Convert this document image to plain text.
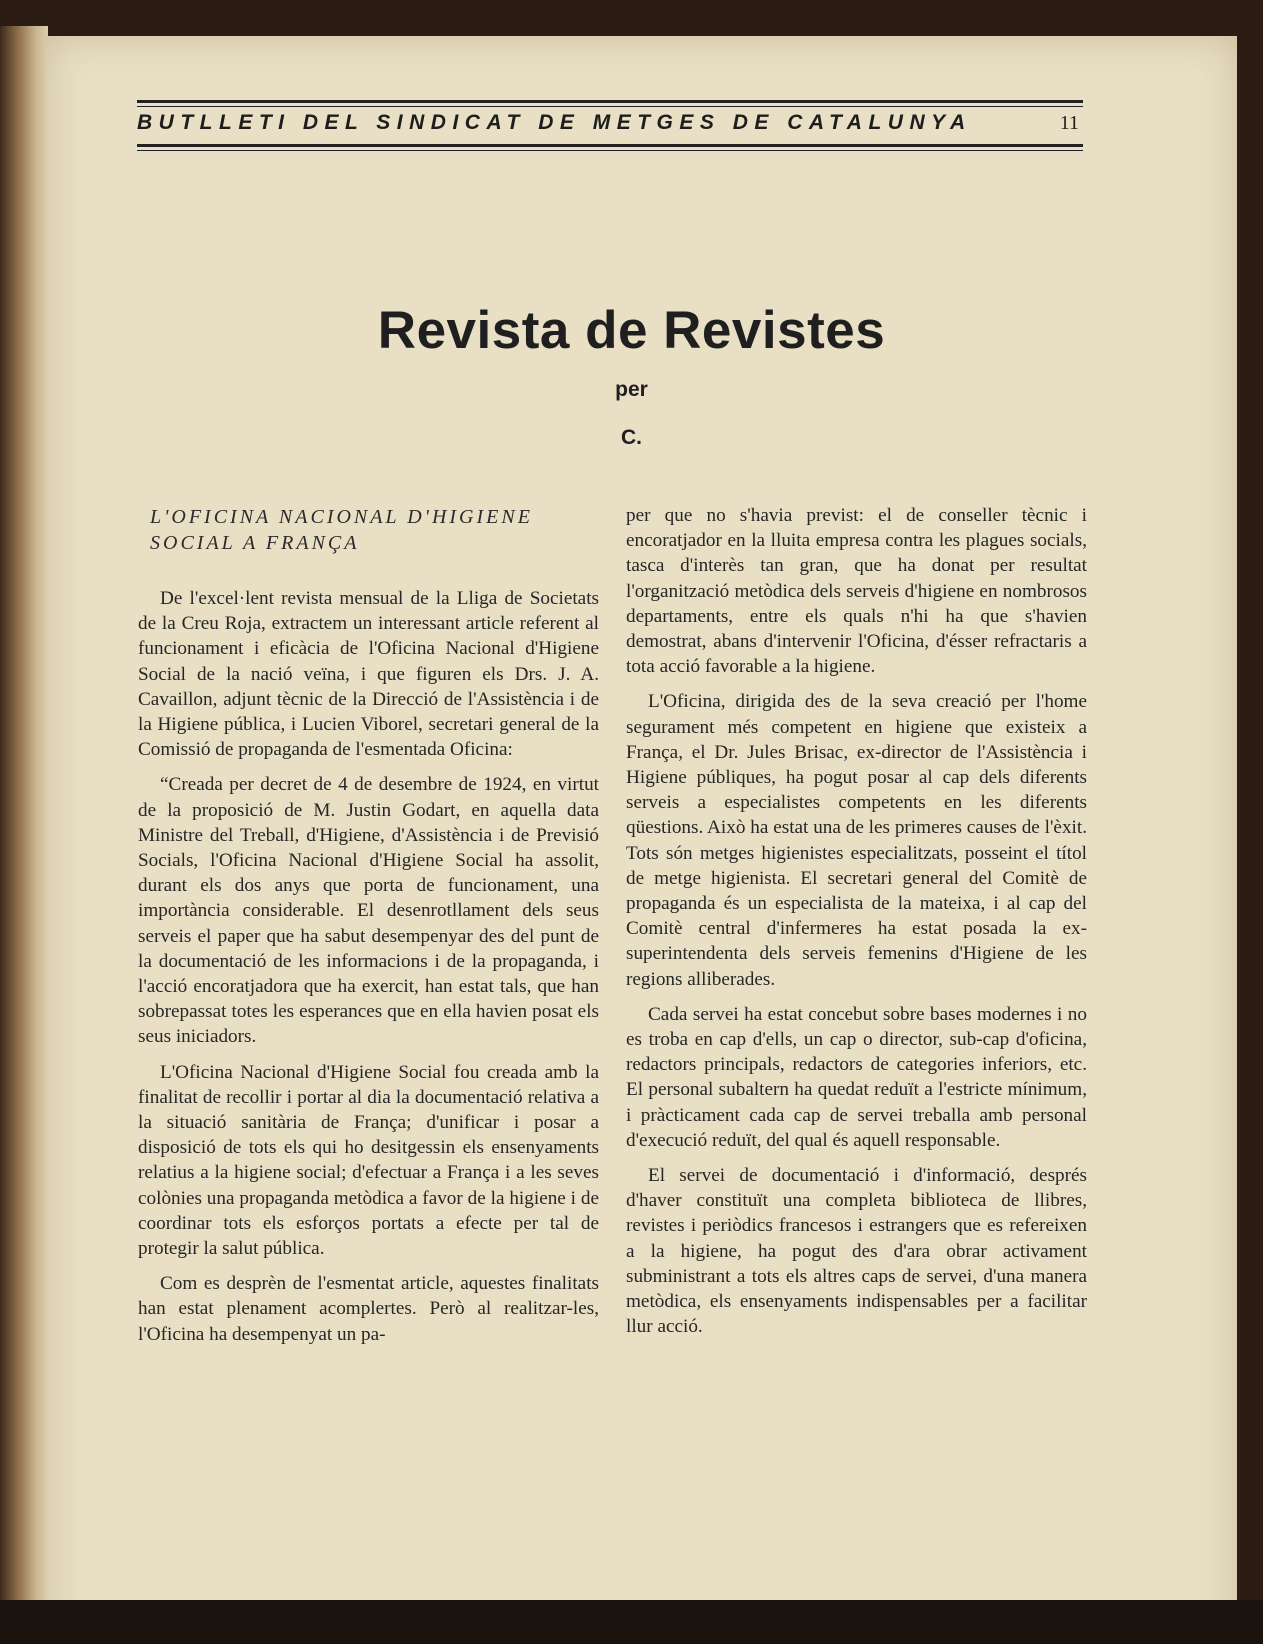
BUTLLETI DEL SINDICAT DE METGES DE CATALUNYA	11
Revista de Revistes
per
C.
L'OFICINA NACIONAL D'HIGIENE SOCIAL A FRANÇA

De l'excel·lent revista mensual de la Lliga de Societats de la Creu Roja, extractem un interessant article referent al funcionament i eficàcia de l'Oficina Nacional d'Higiene Social de la nació veïna, i que figuren els Drs. J. A. Cavaillon, adjunt tècnic de la Direcció de l'Assistència i de la Higiene pública, i Lucien Viborel, secretari general de la Comissió de propaganda de l'esmentada Oficina:

“Creada per decret de 4 de desembre de 1924, en virtut de la proposició de M. Justin Godart, en aquella data Ministre del Treball, d'Higiene, d'Assistència i de Previsió Socials, l'Oficina Nacional d'Higiene Social ha assolit, durant els dos anys que porta de funcionament, una importància considerable. El desenrotllament dels seus serveis el paper que ha sabut desempenyar des del punt de la documentació de les informacions i de la propaganda, i l'acció encoratjadora que ha exercit, han estat tals, que han sobrepassat totes les esperances que en ella havien posat els seus iniciadors.

L'Oficina Nacional d'Higiene Social fou creada amb la finalitat de recollir i portar al dia la documentació relativa a la situació sanitària de França; d'unificar i posar a disposició de tots els qui ho desitgessin els ensenyaments relatius a la higiene social; d'efectuar a França i a les seves colònies una propaganda metòdica a favor de la higiene i de coordinar tots els esforços portats a efecte per tal de protegir la salut pública.

Com es desprèn de l'esmentat article, aquestes finalitats han estat plenament acomplertes. Però al realitzar-les, l'Oficina ha desempenyat un pa-

per que no s'havia previst: el de conseller tècnic i encoratjador en la lluita empresa contra les plagues socials, tasca d'interès tan gran, que ha donat per resultat l'organització metòdica dels serveis d'higiene en nombrosos departaments, entre els quals n'hi ha que s'havien demostrat, abans d'intervenir l'Oficina, d'ésser refractaris a tota acció favorable a la higiene.

L'Oficina, dirigida des de la seva creació per l'home segurament més competent en higiene que existeix a França, el Dr. Jules Brisac, ex-director de l'Assistència i Higiene públiques, ha pogut posar al cap dels diferents serveis a especialistes competents en les diferents qüestions. Això ha estat una de les primeres causes de l'èxit. Tots són metges higienistes especialitzats, posseint el títol de metge higienista. El secretari general del Comitè de propaganda és un especialista de la mateixa, i al cap del Comitè central d'infermeres ha estat posada la ex-superintendenta dels serveis femenins d'Higiene de les regions alliberades.

Cada servei ha estat concebut sobre bases modernes i no es troba en cap d'ells, un cap o director, sub-cap d'oficina, redactors principals, redactors de categories inferiors, etc. El personal subaltern ha quedat reduït a l'estricte mínimum, i pràcticament cada cap de servei treballa amb personal d'execució reduït, del qual és aquell responsable.

El servei de documentació i d'informació, després d'haver constituït una completa biblioteca de llibres, revistes i periòdics francesos i estrangers que es refereixen a la higiene, ha pogut des d'ara obrar activament subministrant a tots els altres caps de servei, d'una manera metòdica, els ensenyaments indispensables per a facilitar llur acció.
